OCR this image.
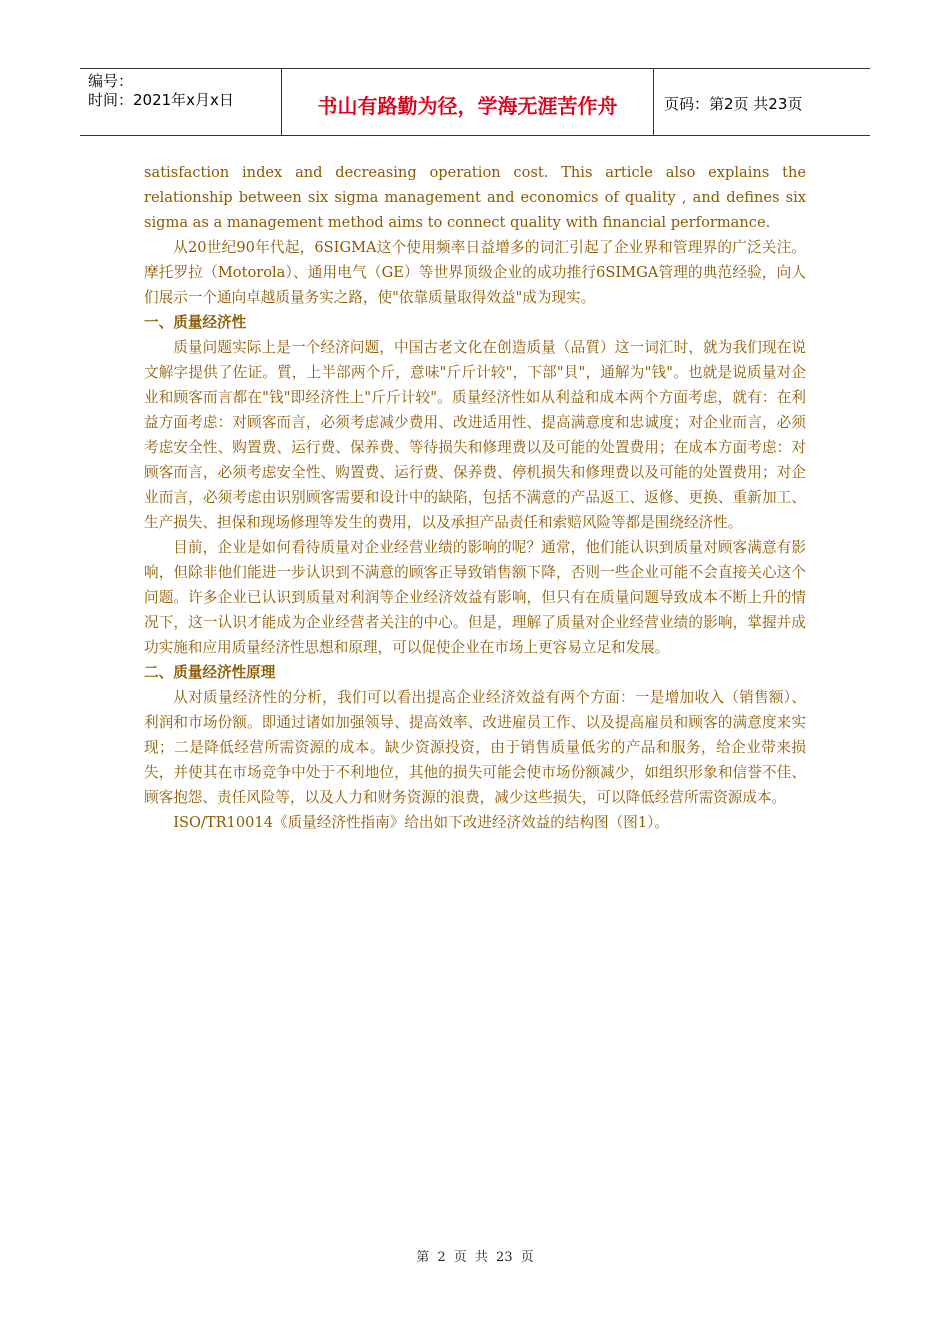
编号：
时间：2021年x月x日	书山有路勤为径，学海无涯苦作舟	页码：第2页 共23页

satisfaction index and decreasing operation cost. This article also explains the relationship between six sigma management and economics of quality , and defines six sigma as a management method aims to connect quality with financial performance.

从20世纪90年代起，6SIGMA这个使用频率日益增多的词汇引起了企业界和管理界的广泛关注。摩托罗拉（Motorola）、通用电气（GE）等世界顶级企业的成功推行6SIMGA管理的典范经验，向人们展示一个通向卓越质量务实之路，使"依靠质量取得效益"成为现实。

一、质量经济性

质量问题实际上是一个经济问题，中国古老文化在创造质量（品質）这一词汇时，就为我们现在说文解字提供了佐证。質，上半部两个斤，意味"斤斤计较"，下部"貝"，通解为"钱"。也就是说质量对企业和顾客而言都在"钱"即经济性上"斤斤计较"。质量经济性如从利益和成本两个方面考虑，就有：在利益方面考虑：对顾客而言，必须考虑减少费用、改进适用性、提高满意度和忠诚度；对企业而言，必须考虑安全性、购置费、运行费、保养费、等待损失和修理费以及可能的处置费用；在成本方面考虑：对顾客而言，必须考虑安全性、购置费、运行费、保养费、停机损失和修理费以及可能的处置费用；对企业而言，必须考虑由识别顾客需要和设计中的缺陷，包括不满意的产品返工、返修、更换、重新加工、生产损失、担保和现场修理等发生的费用，以及承担产品责任和索赔风险等都是围绕经济性。

目前，企业是如何看待质量对企业经营业绩的影响的呢？通常，他们能认识到质量对顾客满意有影响，但除非他们能进一步认识到不满意的顾客正导致销售额下降，否则一些企业可能不会直接关心这个问题。许多企业已认识到质量对利润等企业经济效益有影响，但只有在质量问题导致成本不断上升的情况下，这一认识才能成为企业经营者关注的中心。但是，理解了质量对企业经营业绩的影响，掌握并成功实施和应用质量经济性思想和原理，可以促使企业在市场上更容易立足和发展。

二、质量经济性原理

从对质量经济性的分析，我们可以看出提高企业经济效益有两个方面：一是增加收入（销售额）、利润和市场份额。即通过诸如加强领导、提高效率、改进雇员工作、以及提高雇员和顾客的满意度来实现；二是降低经营所需资源的成本。缺少资源投资，由于销售质量低劣的产品和服务，给企业带来损失，并使其在市场竞争中处于不利地位，其他的损失可能会使市场份额减少，如组织形象和信誉不佳、顾客抱怨、责任风险等，以及人力和财务资源的浪费，减少这些损失，可以降低经营所需资源成本。

ISO/TR10014《质量经济性指南》给出如下改进经济效益的结构图（图1）。

第 2 页 共 23 页
